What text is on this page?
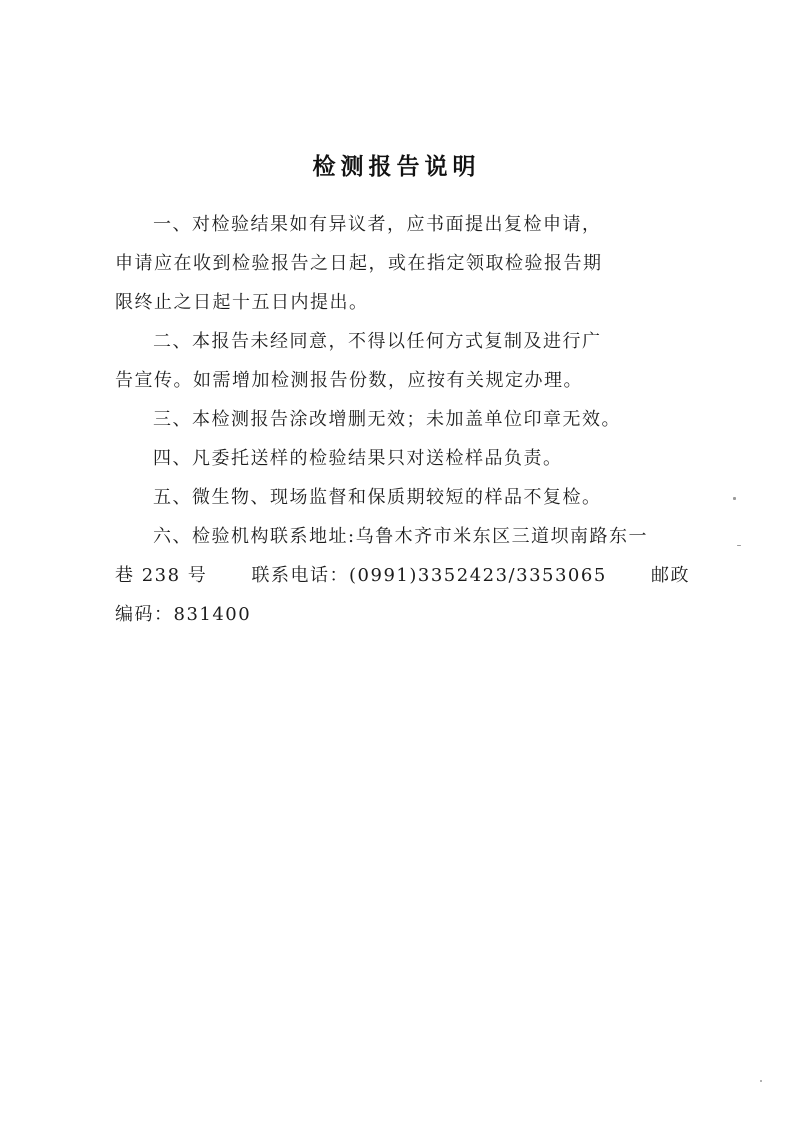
检测报告说明
一、对检验结果如有异议者，应书面提出复检申请，
申请应在收到检验报告之日起，或在指定领取检验报告期
限终止之日起十五日内提出。
二、本报告未经同意，不得以任何方式复制及进行广
告宣传。如需增加检测报告份数，应按有关规定办理。
三、本检测报告涂改增删无效；未加盖单位印章无效。
四、凡委托送样的检验结果只对送检样品负责。
五、微生物、现场监督和保质期较短的样品不复检。
六、检验机构联系地址:乌鲁木齐市米东区三道坝南路东一
巷 238 号 联系电话：(0991)3352423/3353065 邮政
编码：831400
